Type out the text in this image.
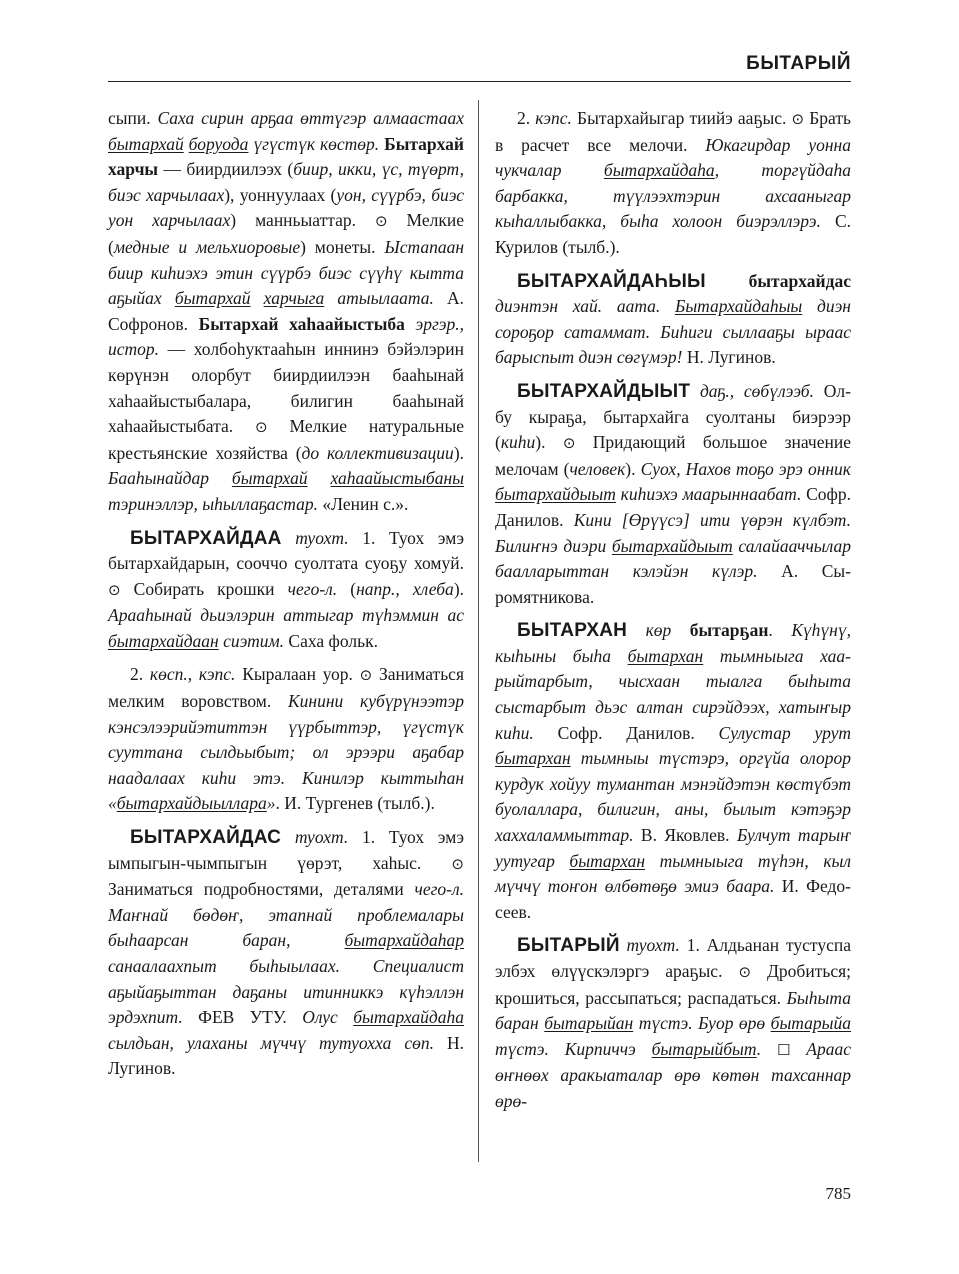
БЫТАРЫЙ

сыпи. Саха сирин арҕаа өттүгэр алмаастаах бытархай боруода үгүстүк көстөр. Бытархай харчы — биирдиилээх (биир, икки, үс, түөрт, биэс харчылаах), уоннуулаах (уон, сүүрбэ, биэс уон харчылаах) манньыаттар. ⊙ Мелкие (медные и мельхиоровые) монеты. Ыстапаан биир киһиэхэ этин сүүрбэ биэс сүүһү кытта аҕыйах бытархай харчыга атыылаата. А. Софронов. Бытархай хаһаайыстыба эргэр., истор. — холбоһуктааһын иннинэ бэйэлэрин көрүнэн олорбут биирдиилээн бааһынай хаһаайыстыбалара, билигин бааһынай хаһаайыстыбата. ⊙ Мелкие натуральные крестьянские хозяйства (до коллективизации). Бааһынайдар бытархай хаһаайыстыбаны тэринэллэр, ыһыллаҕастар. «Ленин с.».

БЫТАРХАЙДАА туохт. 1. Туох эмэ бытархайдарын, сооччо суолтата суоҕу хомуй. ⊙ Собирать крошки чего-л. (напр., хлеба). Арааһынай дьиэлэрин аттыгар түһэммин ас бытархайдаан сиэтим. Саха фольк.

2. көсп., кэпс. Кыралаан уор. ⊙ Заниматься мелким воровством. Кинини кубүрүнээтэр кэнсэлээрийэтиттэн үүрбыттэр, үгүстүк сууттана сылдьыбыт; ол эрээри аҕабар наадалаах киһи этэ. Кинилэр кыттыһан «бытархайдыыллара». И. Тургенев (тылб.).

БЫТАРХАЙДАС туохт. 1. Туох эмэ ымпыгын-чымпыгын үөрэт, хаһыс. ⊙ Заниматься подробностями, деталями чего-л. Маҥнай бөдөҥ, этапнай проблемалары быһаарсан баран, бытархайдаһар санаалаахпыт быһыылаах. Специалист аҕыйаҕыттан даҕаны итинниккэ күһэллэн эрдэхпит. ФЕВ УТУ. Олус бытархайдаһа сылдьан, улаханы мүччү тутуохха сөп. Н. Лугинов.

2. кэпс. Бытархайыгар тиийэ ааҕыс. ⊙ Брать в расчет все мелочи. Юкагирдар уонна чукчалар бытархайдаһа, торгүйдаһа барбакка, түүлээхтэрин ахсааныгар кыһаллыбакка, быһа холоон биэрэллэрэ. С. Курилов (тылб.).

БЫТАРХАЙДАҺЫЫ бытархайдас диэнтэн хай. аата. Бытархайдаһыы диэн сороҕор сатаммат. Биһиги сыллааҕы ыраас барыспыт диэн сөгүмэр! Н. Лугинов.

БЫТАРХАЙДЫЫТ даҕ., сөбүлээб. Ол-бу кыраҕа, бытархайга суолтаны биэрээр (киһи). ⊙ Придающий большое значение мелочам (человек). Суох, Нахов тоҕо эрэ онник бытархайдыыт киһиэхэ маарыннаабат. Софр. Данилов. Кини [Өрүүсэ] ити үөрэн күлбэт. Билиҥнэ диэри бытархайдыыт салайааччылар баалларыттан кэлэйэн күлэр. А. Сыромятникова.

БЫТАРХАН көр бытарҕан. Күһүнү, кыһыны быһа бытархан тымныыга хаарыйтарбыт, чысхаан тыалга быһыта сыстарбыт дьэс алтан сирэйдээх, хатыҥыр киһи. Софр. Данилов. Сулустар урут бытархан тымныы түстэрэ, оргүйа олорор курдук хойуу тумантан мэнэйдэтэн көстүбэт буолаллара, билигин, аны, былыт кэтэҕэр хаххаламмыттар. В. Яковлев. Булчут тарыҥ уутугар бытархан тымныыга түһэн, кыл мүччү тоҥон өлбөтөҕө эмиэ баара. И. Федосеев.

БЫТАРЫЙ туохт. 1. Алдьанан тустуспа элбэх өлүүскэлэргэ араҕыс. ⊙ Дробиться; крошиться, рассыпаться; распадаться. Быһыта баран бытарыйан түстэ. Буор өрө бытарыйа түстэ. Кирпиччэ бытарыйбыт. ☐ Арaас өҥнөөх аракыаталар өрө көтөн тахсаннар өрө-

785
